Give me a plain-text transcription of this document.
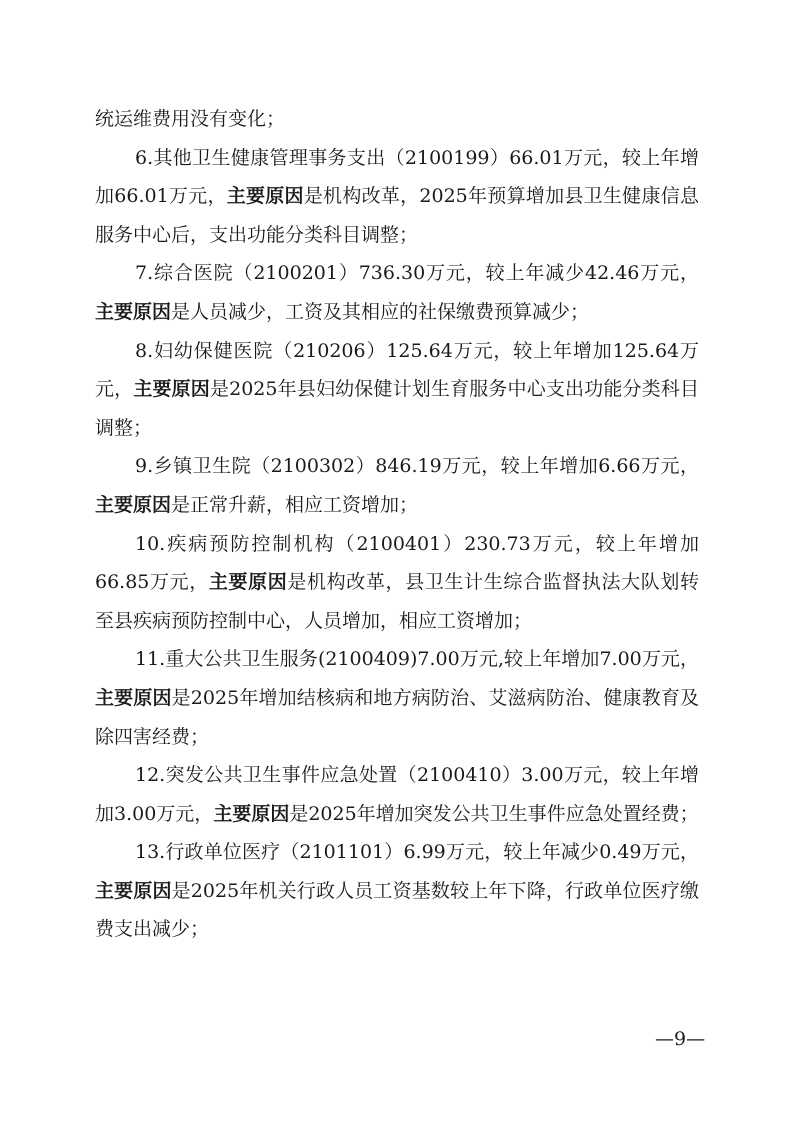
统运维费用没有变化；

6.其他卫生健康管理事务支出（2100199）66.01万元，较上年增加66.01万元，主要原因是机构改革，2025年预算增加县卫生健康信息服务中心后，支出功能分类科目调整；

7.综合医院（2100201）736.30万元，较上年减少42.46万元，主要原因是人员减少，工资及其相应的社保缴费预算减少；

8.妇幼保健医院（210206）125.64万元，较上年增加125.64万元，主要原因是2025年县妇幼保健计划生育服务中心支出功能分类科目调整；

9.乡镇卫生院（2100302）846.19万元，较上年增加6.66万元，主要原因是正常升薪，相应工资增加；

10.疾病预防控制机构（2100401）230.73万元，较上年增加66.85万元，主要原因是机构改革，县卫生计生综合监督执法大队划转至县疾病预防控制中心，人员增加，相应工资增加；

11.重大公共卫生服务(2100409)7.00万元,较上年增加7.00万元，主要原因是2025年增加结核病和地方病防治、艾滋病防治、健康教育及除四害经费；

12.突发公共卫生事件应急处置（2100410）3.00万元，较上年增加3.00万元，主要原因是2025年增加突发公共卫生事件应急处置经费；

13.行政单位医疗（2101101）6.99万元，较上年减少0.49万元，主要原因是2025年机关行政人员工资基数较上年下降，行政单位医疗缴费支出减少；

—9—
